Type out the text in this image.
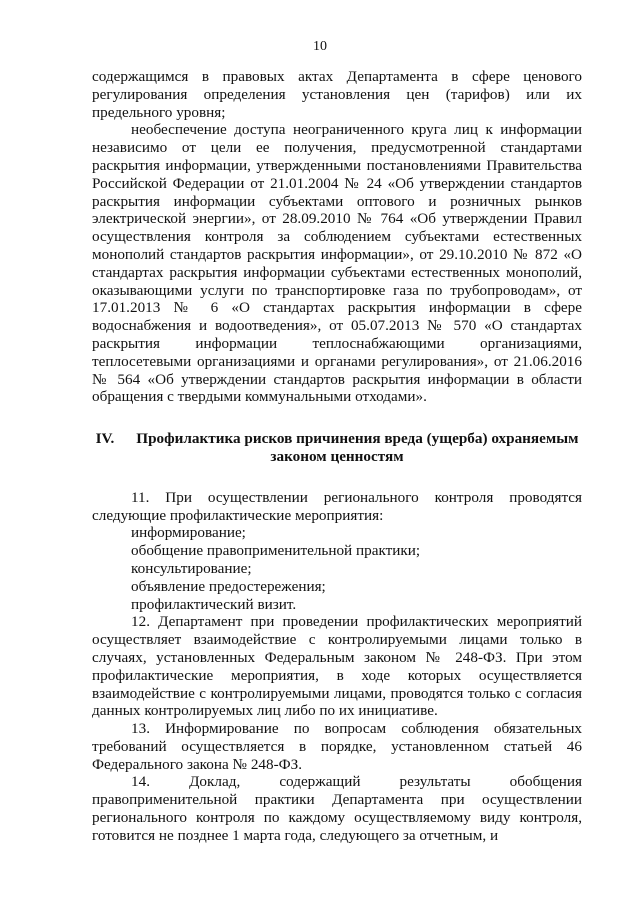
10

содержащимся в правовых актах Департамента в сфере ценового регулирования определения установления цен (тарифов) или их предельного уровня;

необеспечение доступа неограниченного круга лиц к информации независимо от цели ее получения, предусмотренной стандартами раскрытия информации, утвержденными постановлениями Правительства Российской Федерации от 21.01.2004 № 24 «Об утверждении стандартов раскрытия информации субъектами оптового и розничных рынков электрической энергии», от 28.09.2010 № 764 «Об утверждении Правил осуществления контроля за соблюдением субъектами естественных монополий стандартов раскрытия информации», от 29.10.2010 № 872 «О стандартах раскрытия информации субъектами естественных монополий, оказывающими услуги по транспортировке газа по трубопроводам», от 17.01.2013 № 6 «О стандартах раскрытия информации в сфере водоснабжения и водоотведения», от 05.07.2013 № 570 «О стандартах раскрытия информации теплоснабжающими организациями, теплосетевыми организациями и органами регулирования», от 21.06.2016 № 564 «Об утверждении стандартов раскрытия информации в области обращения с твердыми коммунальными отходами».

IV. Профилактика рисков причинения вреда (ущерба) охраняемым законом ценностям

11. При осуществлении регионального контроля проводятся следующие профилактические мероприятия:

информирование;

обобщение правоприменительной практики;

консультирование;

объявление предостережения;

профилактический визит.

12. Департамент при проведении профилактических мероприятий осуществляет взаимодействие с контролируемыми лицами только в случаях, установленных Федеральным законом № 248-ФЗ. При этом профилактические мероприятия, в ходе которых осуществляется взаимодействие с контролируемыми лицами, проводятся только с согласия данных контролируемых лиц либо по их инициативе.

13. Информирование по вопросам соблюдения обязательных требований осуществляется в порядке, установленном статьей 46 Федерального закона № 248-ФЗ.

14. Доклад, содержащий результаты обобщения правоприменительной практики Департамента при осуществлении регионального контроля по каждому осуществляемому виду контроля, готовится не позднее 1 марта года, следующего за отчетным, и
